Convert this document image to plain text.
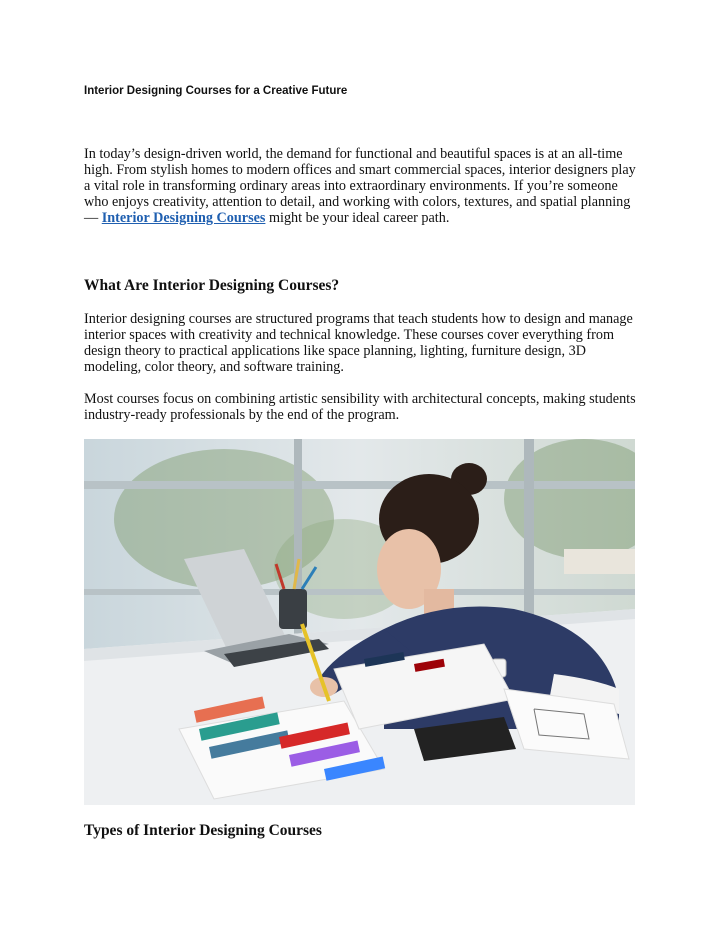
Interior Designing Courses for a Creative Future
In today’s design-driven world, the demand for functional and beautiful spaces is at an all-time high. From stylish homes to modern offices and smart commercial spaces, interior designers play a vital role in transforming ordinary areas into extraordinary environments. If you’re someone who enjoys creativity, attention to detail, and working with colors, textures, and spatial planning — Interior Designing Courses might be your ideal career path.
What Are Interior Designing Courses?
Interior designing courses are structured programs that teach students how to design and manage interior spaces with creativity and technical knowledge. These courses cover everything from design theory to practical applications like space planning, lighting, furniture design, 3D modeling, color theory, and software training.
Most courses focus on combining artistic sensibility with architectural concepts, making students industry-ready professionals by the end of the program.
Types of Interior Designing Courses
